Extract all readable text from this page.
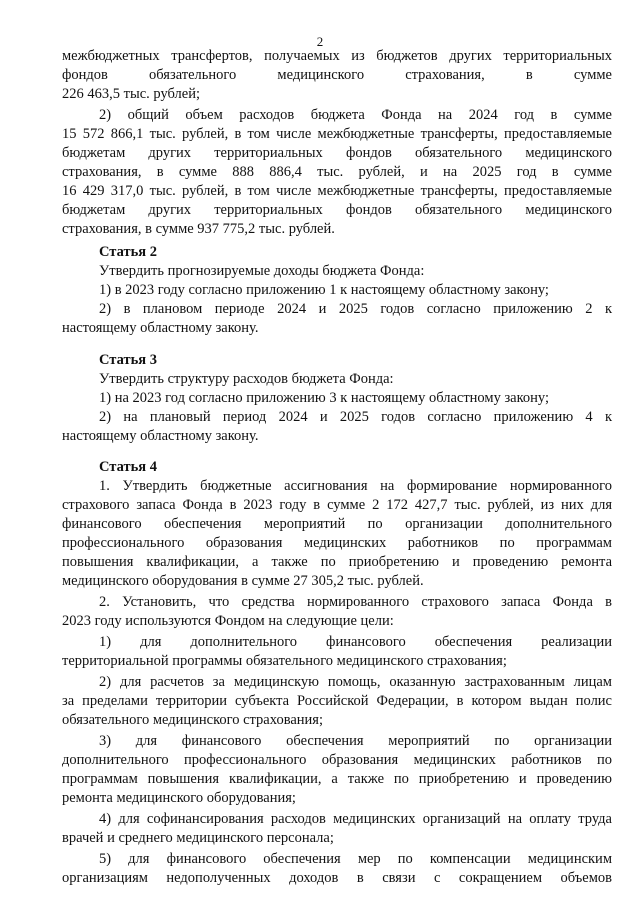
2
межбюджетных трансфертов, получаемых из бюджетов других территориальных
фондов обязательного медицинского страхования, в сумме
226 463,5 тыс. рублей;
2) общий объем расходов бюджета Фонда на 2024 год в сумме
15 572 866,1 тыс. рублей, в том числе межбюджетные трансферты, предоставляемые
бюджетам других территориальных фондов обязательного медицинского
страхования, в сумме 888 886,4 тыс. рублей, и на 2025 год в сумме
16 429 317,0 тыс. рублей, в том числе межбюджетные трансферты, предоставляемые
бюджетам других территориальных фондов обязательного медицинского
страхования, в сумме 937 775,2 тыс. рублей.
Статья 2
Утвердить прогнозируемые доходы бюджета Фонда:
1) в 2023 году согласно приложению 1 к настоящему областному закону;
2) в плановом периоде 2024 и 2025 годов согласно приложению 2 к
настоящему областному закону.
Статья 3
Утвердить структуру расходов бюджета Фонда:
1) на 2023 год согласно приложению 3 к настоящему областному закону;
2) на плановый период 2024 и 2025 годов согласно приложению 4 к
настоящему областному закону.
Статья 4
1. Утвердить бюджетные ассигнования на формирование нормированного
страхового запаса Фонда в 2023 году в сумме 2 172 427,7 тыс. рублей, из них для
финансового обеспечения мероприятий по организации дополнительного
профессионального образования медицинских работников по программам
повышения квалификации, а также по приобретению и проведению ремонта
медицинского оборудования в сумме 27 305,2 тыс. рублей.
2. Установить, что средства нормированного страхового запаса Фонда в
2023 году используются Фондом на следующие цели:
1) для дополнительного финансового обеспечения реализации
территориальной программы обязательного медицинского страхования;
2) для расчетов за медицинскую помощь, оказанную застрахованным лицам
за пределами территории субъекта Российской Федерации, в котором выдан полис
обязательного медицинского страхования;
3) для финансового обеспечения мероприятий по организации
дополнительного профессионального образования медицинских работников по
программам повышения квалификации, а также по приобретению и проведению
ремонта медицинского оборудования;
4) для софинансирования расходов медицинских организаций на оплату труда
врачей и среднего медицинского персонала;
5) для финансового обеспечения мер по компенсации медицинским
организациям недополученных доходов в связи с сокращением объемов
